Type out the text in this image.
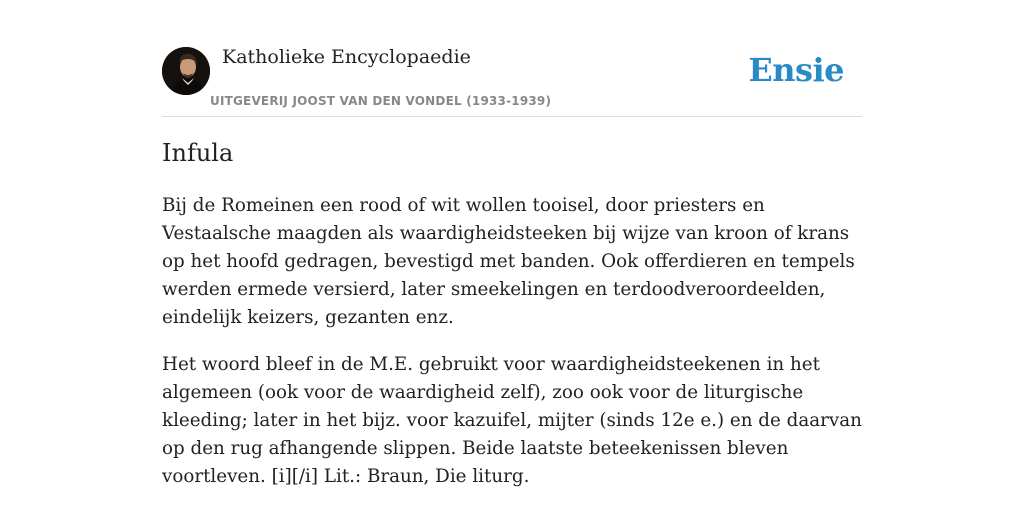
Katholieke Encyclopaedie
UITGEVERIJ JOOST VAN DEN VONDEL (1933-1939)
Ensie
Infula

Bij de Romeinen een rood of wit wollen tooisel, door priesters en Vestaalsche maagden als waardigheidsteeken bij wijze van kroon of krans op het hoofd gedragen, bevestigd met banden. Ook offerdieren en tempels werden ermede versierd, later smeekelingen en terdoodveroordeelden, eindelijk keizers, gezanten enz.

Het woord bleef in de M.E. gebruikt voor waardigheidsteekenen in het algemeen (ook voor de waardigheid zelf), zoo ook voor de liturgische kleeding; later in het bijz. voor kazuifel, mijter (sinds 12e e.) en de daarvan op den rug afhangende slippen. Beide laatste beteekenissen bleven voortleven. [i][/i] Lit.: Braun, Die liturg.
